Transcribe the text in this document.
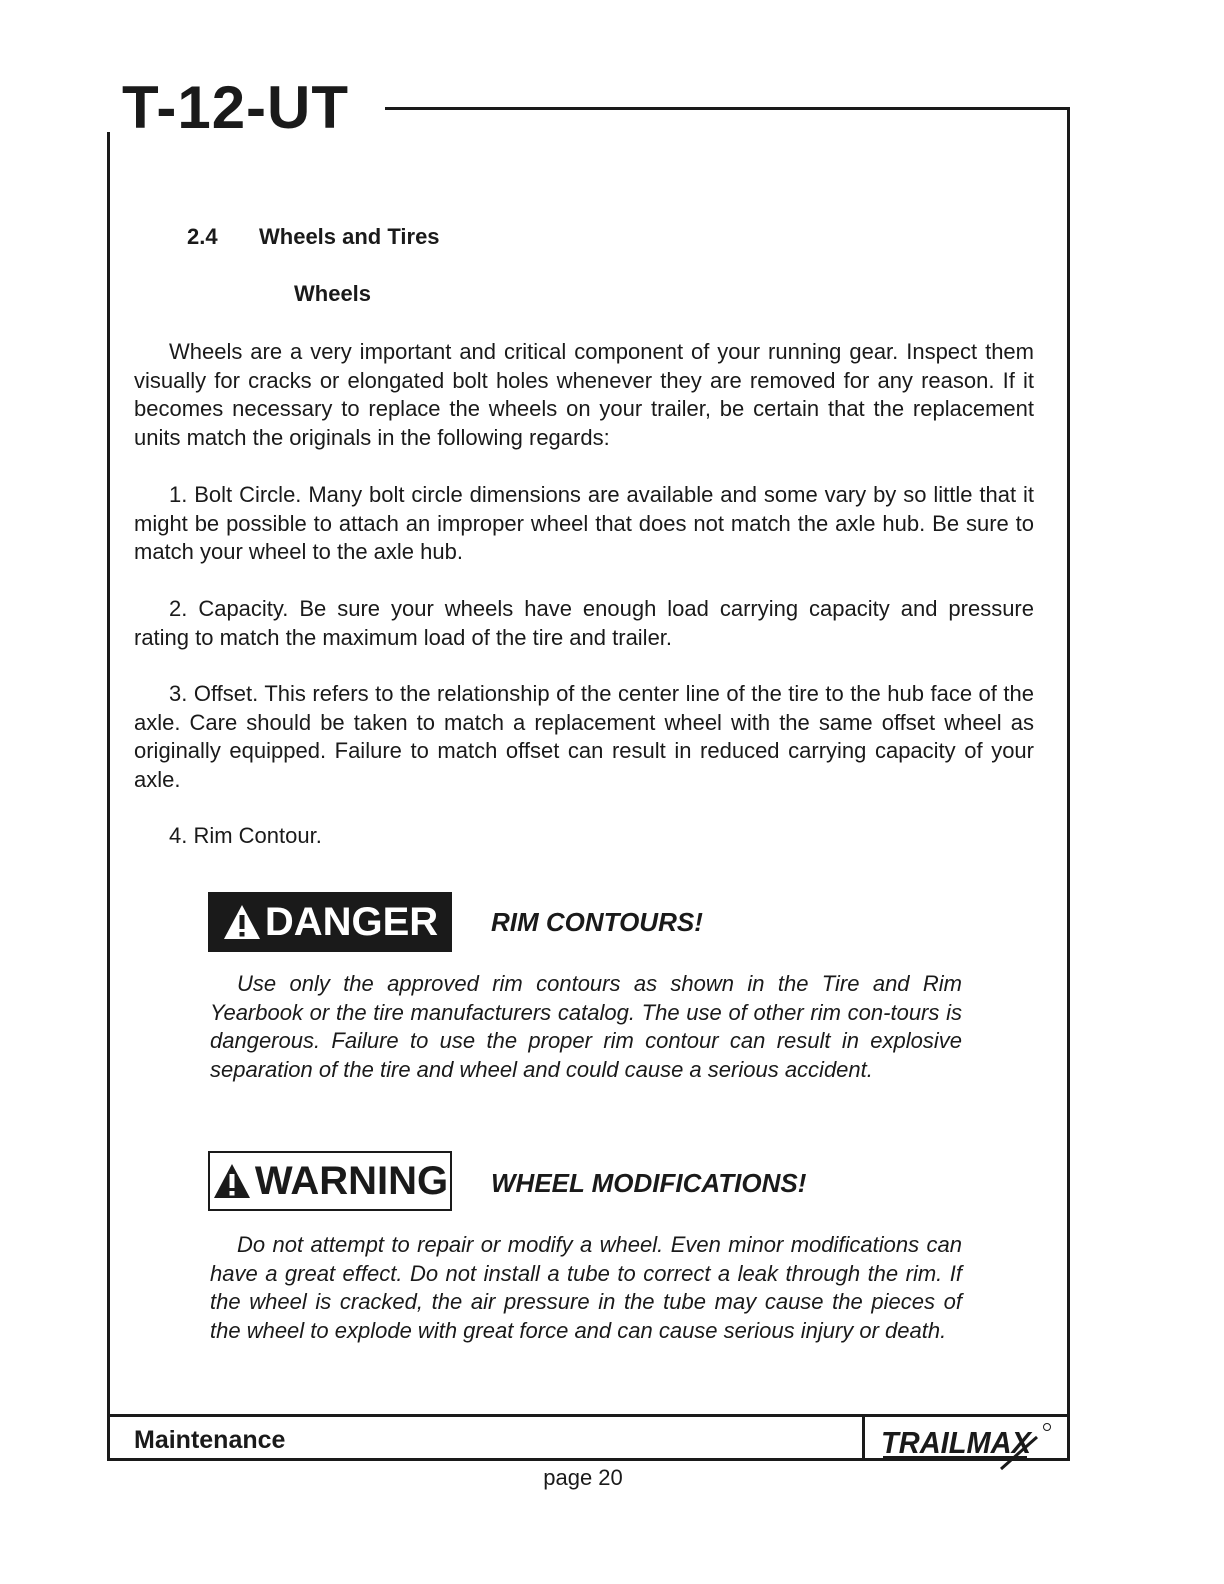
T-12-UT
2.4 Wheels and Tires
Wheels

Wheels are a very important and critical component of your running gear. Inspect them visually for cracks or elongated bolt holes whenever they are removed for any reason. If it becomes necessary to replace the wheels on your trailer, be certain that the replacement units match the originals in the following regards:

1. Bolt Circle. Many bolt circle dimensions are available and some vary by so little that it might be possible to attach an improper wheel that does not match the axle hub. Be sure to match your wheel to the axle hub.

2. Capacity. Be sure your wheels have enough load carrying capacity and pressure rating to match the maximum load of the tire and trailer.

3. Offset. This refers to the relationship of the center line of the tire to the hub face of the axle. Care should be taken to match a replacement wheel with the same offset wheel as originally equipped. Failure to match offset can result in reduced carrying capacity of your axle.

4. Rim Contour.

DANGER RIM CONTOURS!

Use only the approved rim contours as shown in the Tire and Rim Yearbook or the tire manufacturers catalog. The use of other rim con-tours is dangerous. Failure to use the proper rim contour can result in explosive separation of the tire and wheel and could cause a serious accident.

WARNING WHEEL MODIFICATIONS!

Do not attempt to repair or modify a wheel. Even minor modifications can have a great effect. Do not install a tube to correct a leak through the rim. If the wheel is cracked, the air pressure in the tube may cause the pieces of the wheel to explode with great force and can cause serious injury or death.

Maintenance	TRAILMAX
page 20
